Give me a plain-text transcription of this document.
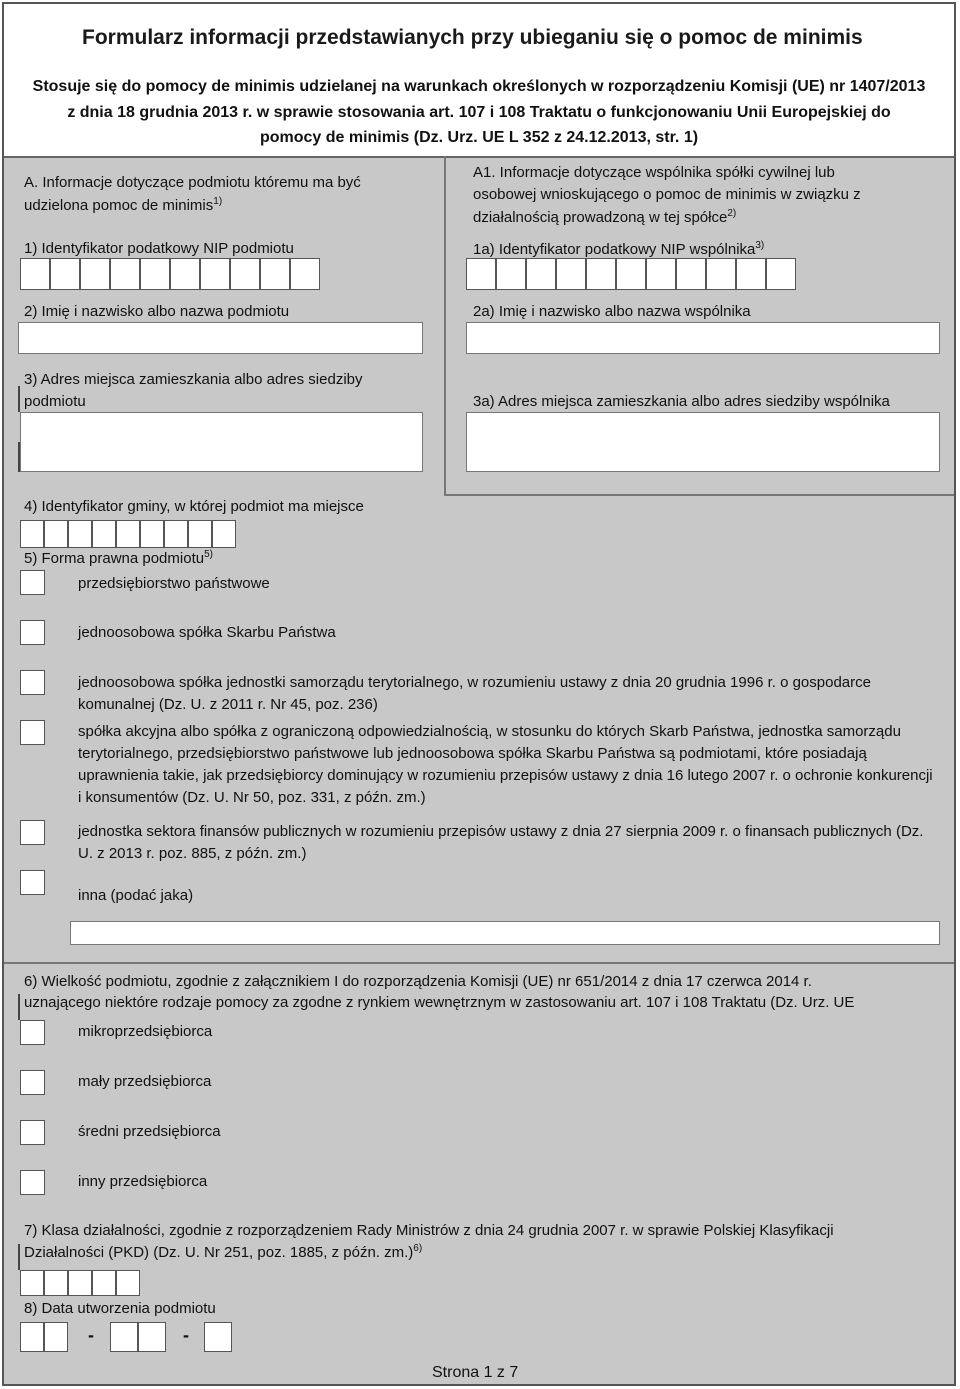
Formularz informacji przedstawianych przy ubieganiu się o pomoc de minimis
Stosuje się do pomocy de minimis udzielanej na warunkach określonych w rozporządzeniu Komisji (UE) nr 1407/2013
z dnia 18 grudnia 2013 r. w sprawie stosowania art. 107 i 108 Traktatu o funkcjonowaniu Unii Europejskiej do
pomocy de minimis (Dz. Urz. UE L 352 z 24.12.2013, str. 1)
A. Informacje dotyczące podmiotu któremu ma być
udzielona pomoc de minimis$^{1)}$
1) Identyfikator podatkowy NIP podmiotu
2) Imię i nazwisko albo nazwa podmiotu
3) Adres miejsca zamieszkania albo adres siedziby
podmiotu
A1. Informacje dotyczące wspólnika spółki cywilnej lub
osobowej wnioskującego o pomoc de minimis w związku z
działalnością prowadzoną w tej spółce$^{2)}$
1a) Identyfikator podatkowy NIP wspólnika$^{3)}$
2a) Imię i nazwisko albo nazwa wspólnika
3a) Adres miejsca zamieszkania albo adres siedziby wspólnika
4) Identyfikator gminy, w której podmiot ma miejsce
5) Forma prawna podmiotu$^{5)}$
przedsiębiorstwo państwowe
jednoosobowa spółka Skarbu Państwa
jednoosobowa spółka jednostki samorządu terytorialnego, w rozumieniu ustawy z dnia 20 grudnia 1996 r. o gospodarce komunalnej (Dz. U. z 2011 r. Nr 45, poz. 236)
spółka akcyjna albo spółka z ograniczoną odpowiedzialnością, w stosunku do których Skarb Państwa, jednostka samorządu terytorialnego, przedsiębiorstwo państwowe lub jednoosobowa spółka Skarbu Państwa są podmiotami, które posiadają uprawnienia takie, jak przedsiębiorcy dominujący w rozumieniu przepisów ustawy z dnia 16 lutego 2007 r. o ochronie konkurencji i konsumentów (Dz. U. Nr 50, poz. 331, z późn. zm.)
jednostka sektora finansów publicznych w rozumieniu przepisów ustawy z dnia 27 sierpnia 2009 r. o finansach publicznych (Dz. U. z 2013 r. poz. 885, z późn. zm.)
inna (podać jaka)
6) Wielkość podmiotu, zgodnie z załącznikiem I do rozporządzenia Komisji (UE) nr 651/2014 z dnia 17 czerwca 2014 r.
uznającego niektóre rodzaje pomocy za zgodne z rynkiem wewnętrznym w zastosowaniu art. 107 i 108 Traktatu (Dz. Urz. UE
mikroprzedsiębiorca
mały przedsiębiorca
średni przedsiębiorca
inny przedsiębiorca
7) Klasa działalności, zgodnie z rozporządzeniem Rady Ministrów z dnia 24 grudnia 2007 r. w sprawie Polskiej Klasyfikacji
Działalności (PKD) (Dz. U. Nr 251, poz. 1885, z późn. zm.)$^{6)}$
8) Data utworzenia podmiotu
-	-
Strona 1 z 7
